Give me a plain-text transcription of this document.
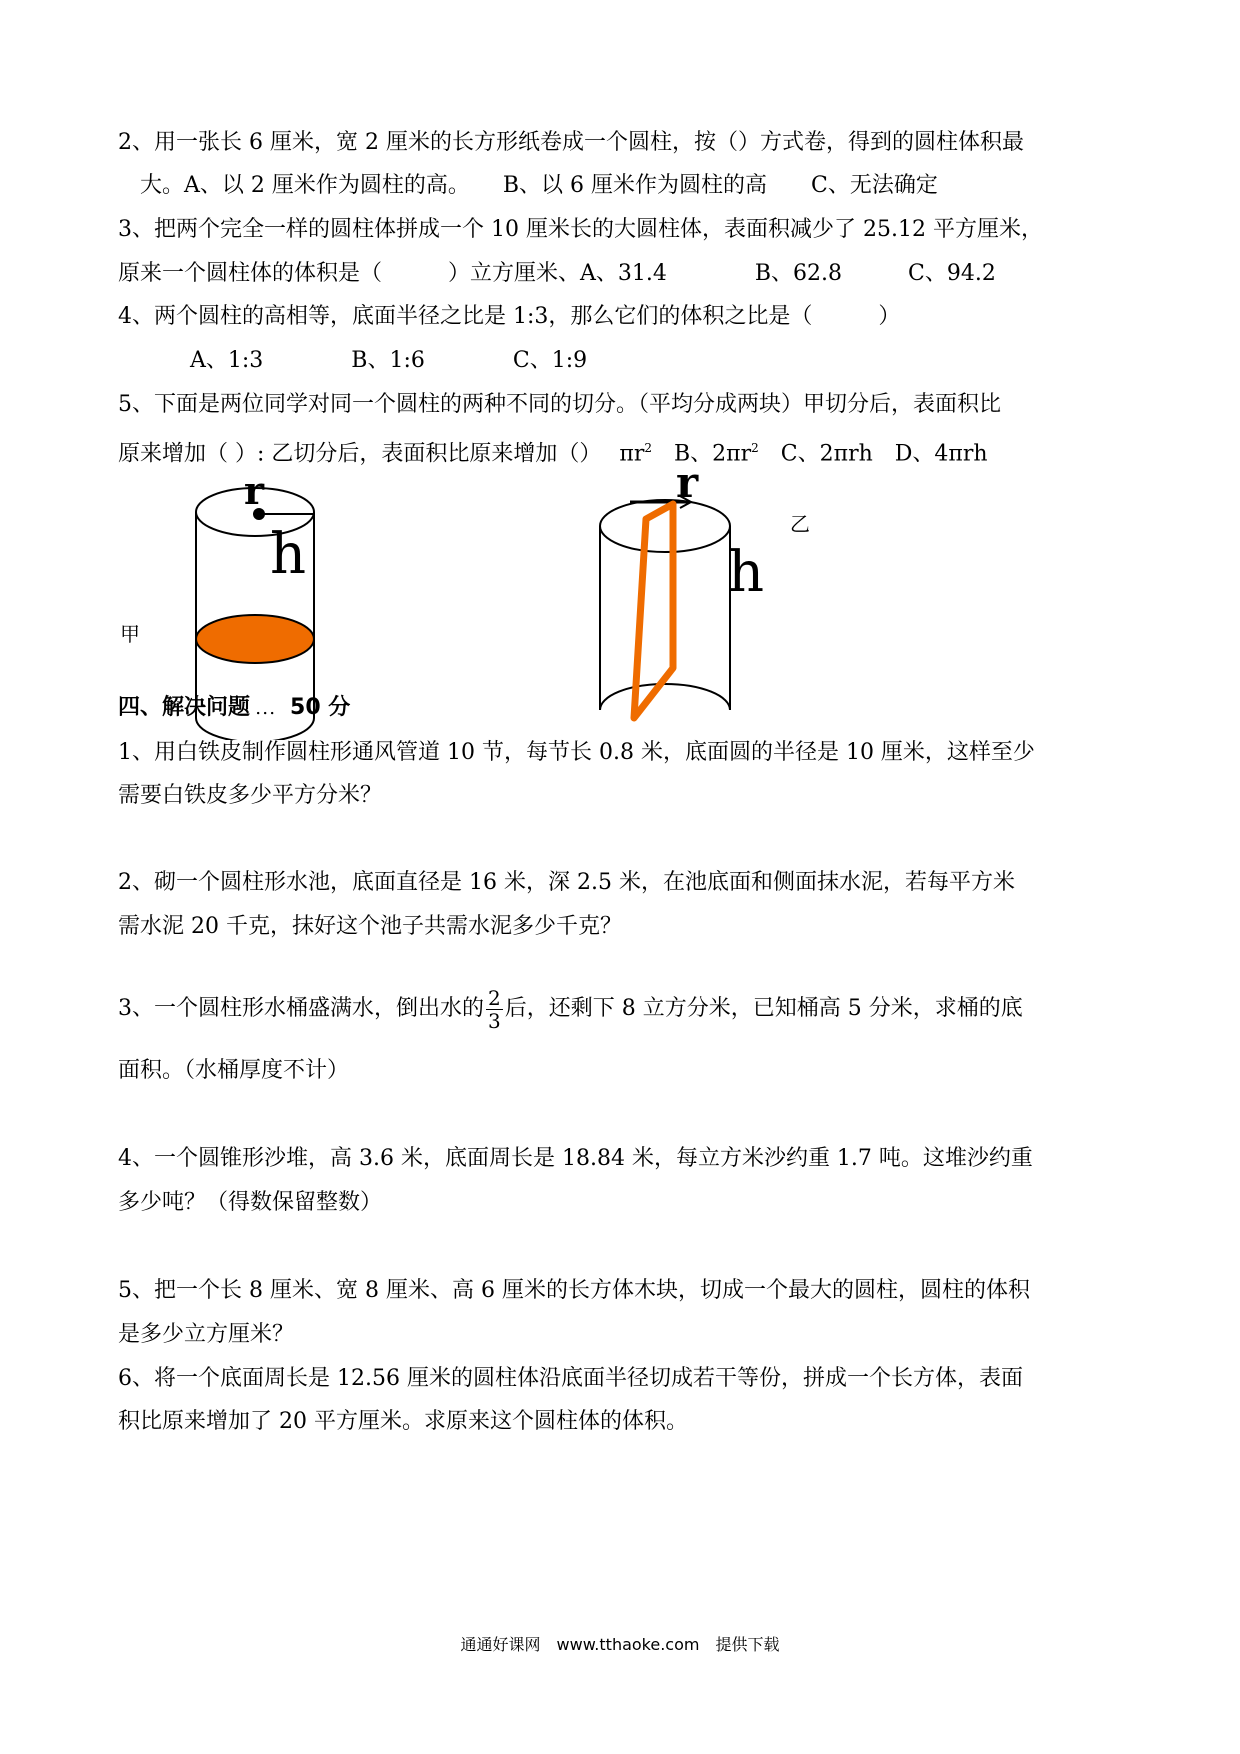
2、用一张长 6 厘米，宽 2 厘米的长方形纸卷成一个圆柱，按（）方式卷，得到的圆柱体积最
大。A、以 2 厘米作为圆柱的高。　　B、以 6 厘米作为圆柱的高　　C、无法确定
3、把两个完全一样的圆柱体拼成一个 10 厘米长的大圆柱体，表面积减少了 25.12 平方厘米，
原来一个圆柱体的体积是（　　　）立方厘米、A、31.4　　　　B、62.8　　　C、94.2
4、两个圆柱的高相等，底面半径之比是 1:3，那么它们的体积之比是（　　　）
A、1:3　　　　B、1:6　　　　C、1:9
5、下面是两位同学对同一个圆柱的两种不同的切分。（平均分成两块）甲切分后，表面积比
原来增加（ ）: 乙切分后，表面积比原来增加（）　 $\pi r^2$　B、$2\pi r^2$　C、2πrh　D、4πrh
甲
r
h
r
h
乙
四、解决问题 ．．． 50 分
1、用白铁皮制作圆柱形通风管道 10 节，每节长 0.8 米，底面圆的半径是 10 厘米，这样至少
需要白铁皮多少平方分米？
2、砌一个圆柱形水池，底面直径是 16 米，深 2.5 米，在池底面和侧面抹水泥，若每平方米
需水泥 20 千克，抹好这个池子共需水泥多少千克？
3、一个圆柱形水桶盛满水，倒出水的 $\frac{2}{3}$ 后，还剩下 8 立方分米，已知桶高 5 分米，求桶的底
面积。（水桶厚度不计）
4、一个圆锥形沙堆，高 3.6 米，底面周长是 18.84 米，每立方米沙约重 1.7 吨。这堆沙约重
多少吨？（得数保留整数）
5、把一个长 8 厘米、宽 8 厘米、高 6 厘米的长方体木块，切成一个最大的圆柱，圆柱的体积
是多少立方厘米？
6、将一个底面周长是 12.56 厘米的圆柱体沿底面半径切成若干等份，拼成一个长方体，表面
积比原来增加了 20 平方厘米。求原来这个圆柱体的体积。
通通好课网　www.tthaoke.com　提供下载
